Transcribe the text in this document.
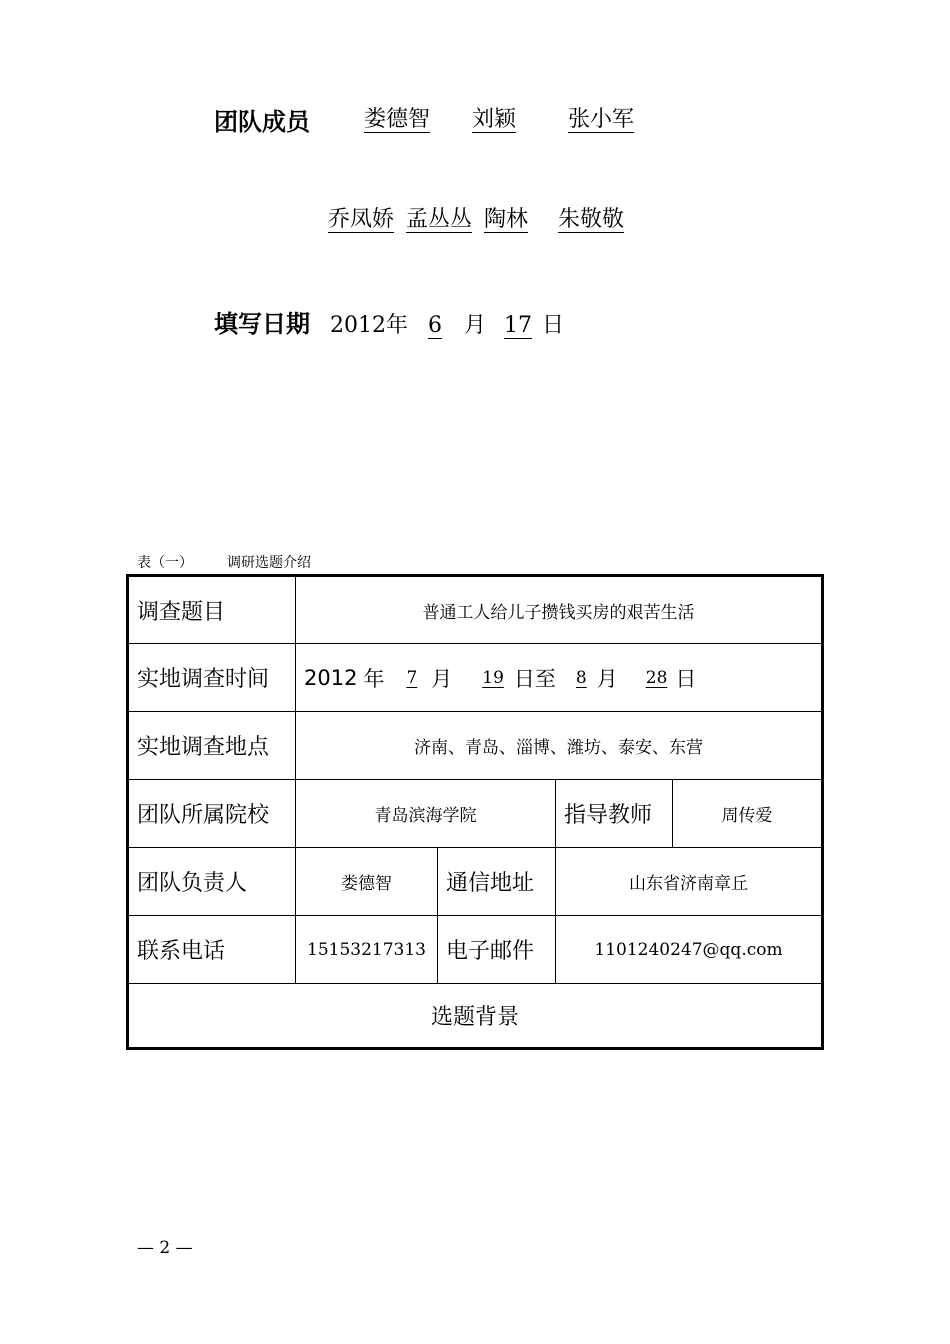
团队成员	娄德智 刘颖 张小军
乔凤娇 孟丛丛 陶林 朱敬敬
填写日期 2012年 6 月 17 日
表（一） 调研选题介绍
调查题目	普通工人给儿子攒钱买房的艰苦生活
实地调查时间	2012 年	7 月	19 日至	8 月	28 日
实地调查地点	济南、青岛、淄博、潍坊、泰安、东营
团队所属院校	青岛滨海学院	指导教师	周传爱
团队负责人	娄德智	通信地址	山东省济南章丘
联系电话	15153217313 电子邮件	1101240247@qq.com
选题背景
— 2 —
